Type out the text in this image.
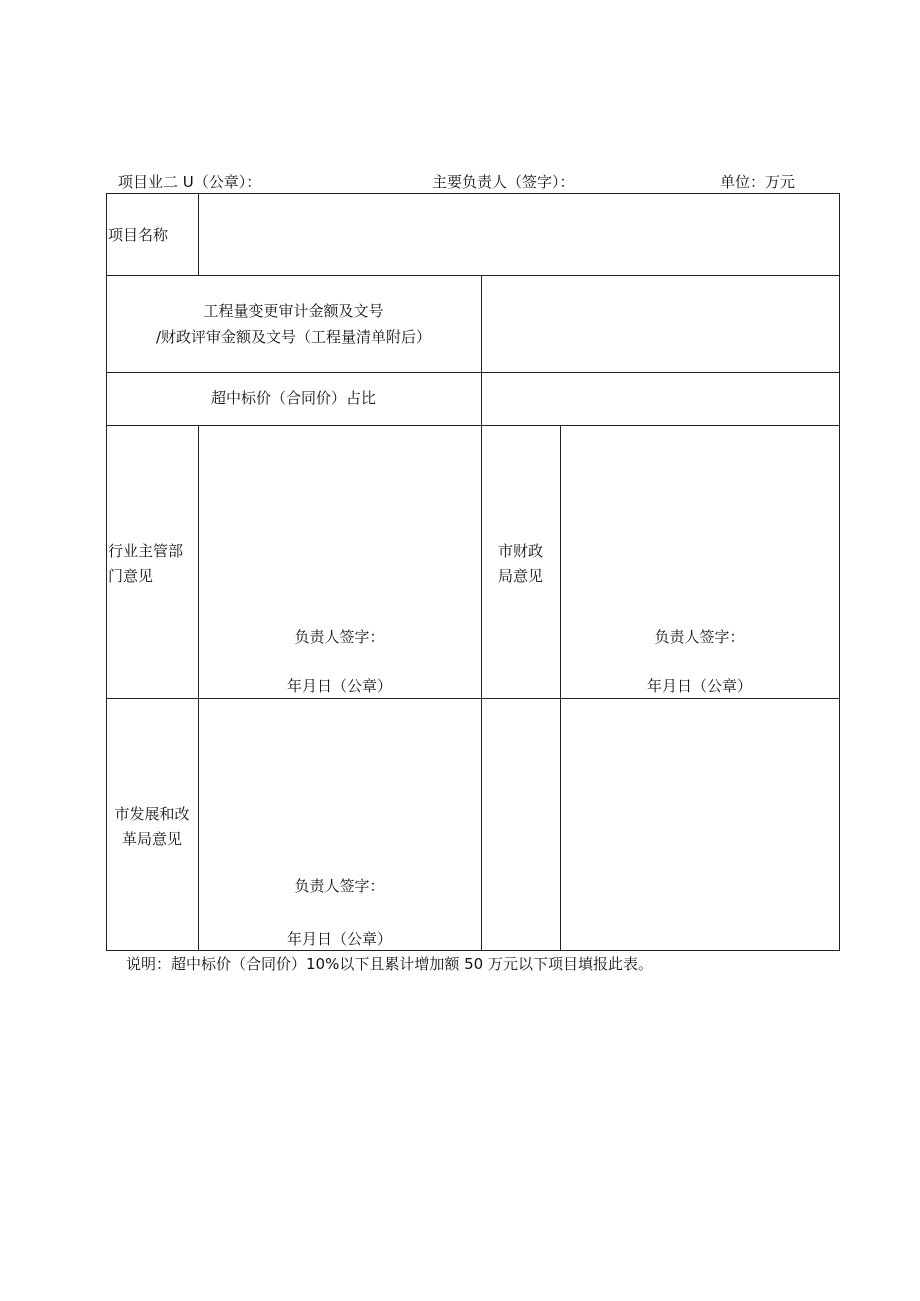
项目业二 U（公章）：	主要负责人（签字）：	单位：万元
项目名称
工程量变更审计金额及文号
/财政评审金额及文号（工程量清单附后）
超中标价（合同价）占比
行业主管部
门意见
负责人签字：
年月日（公章）
市财政
局意见
负责人签字：
年月日（公章）
市发展和改
革局意见
负责人签字：
年月日（公章）
说明：超中标价（合同价）10%以下且累计增加额 50 万元以下项目填报此表。
